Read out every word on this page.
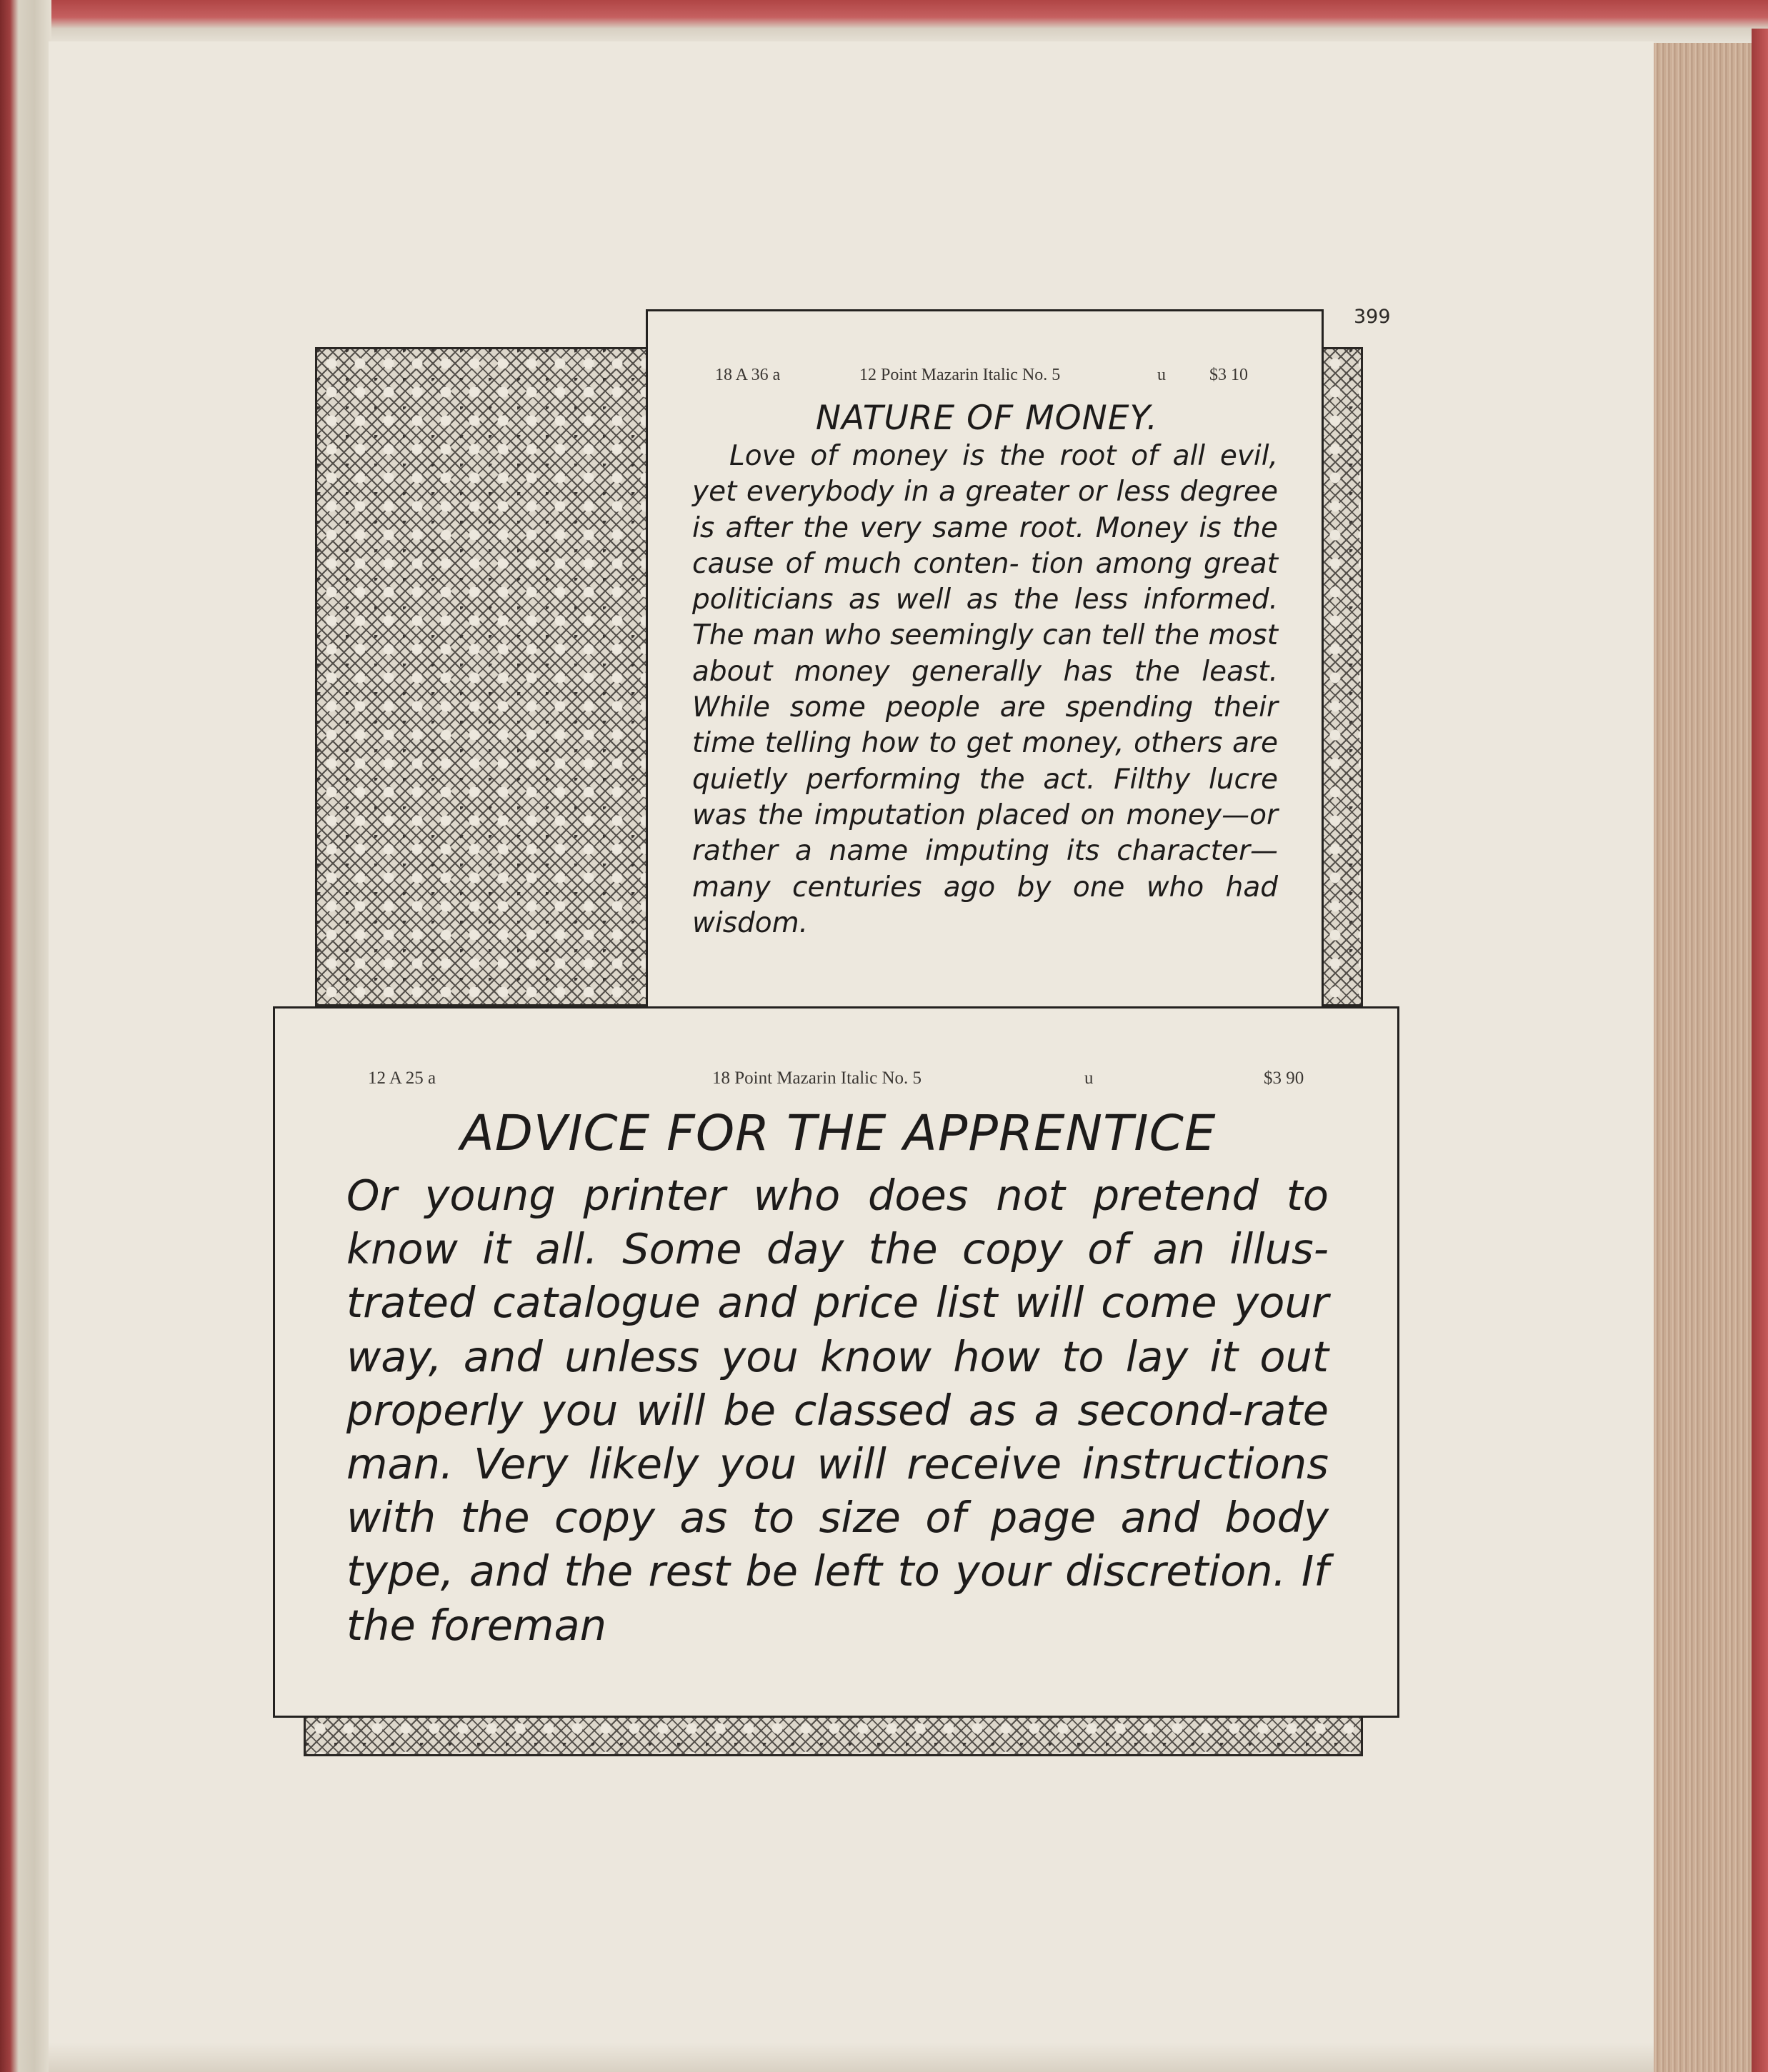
399
18 A 36 a	12 Point Mazarin Italic No. 5	u	$3 10
NATURE OF MONEY.
Love of money is the root of all evil, yet everybody in a greater or less degree is after the very same root. Money is the cause of much conten- tion among great politicians as well as the less informed. The man who seemingly can tell the most about money generally has the least. While some people are spending their time telling how to get money, others are quietly performing the act. Filthy lucre was the imputation placed on money—or rather a name imputing its character—many centuries ago by one who had wisdom.
12 A 25 a	18 Point Mazarin Italic No. 5	u	$3 90
ADVICE FOR THE APPRENTICE
Or young printer who does not pretend to know it all. Some day the copy of an illus- trated catalogue and price list will come your way, and unless you know how to lay it out properly you will be classed as a second-rate man. Very likely you will receive instructions with the copy as to size of page and body type, and the rest be left to your discretion. If the foreman
